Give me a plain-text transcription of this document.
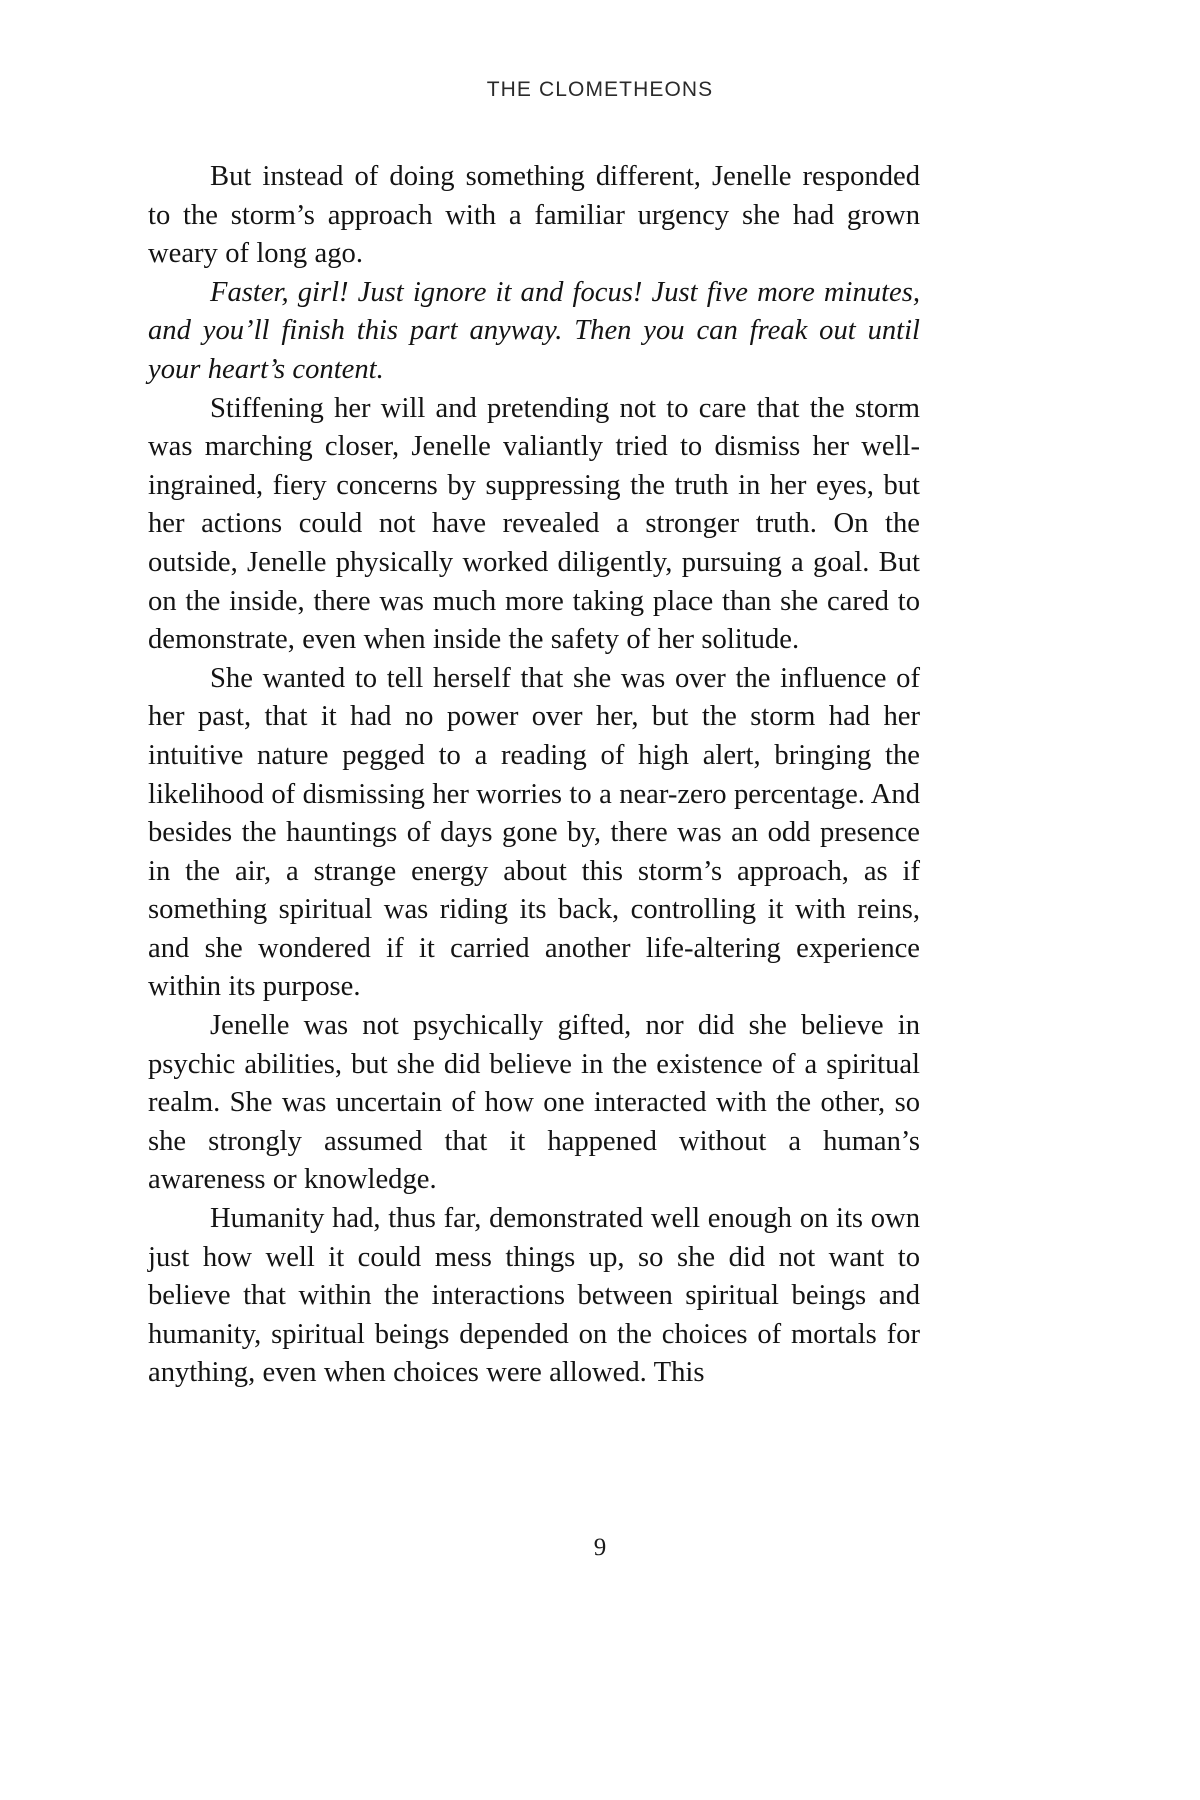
THE CLOMETHEONS

But instead of doing something different, Jenelle responded to the storm’s approach with a familiar urgency she had grown weary of long ago.

Faster, girl! Just ignore it and focus! Just five more minutes, and you’ll finish this part anyway. Then you can freak out until your heart’s content.

Stiffening her will and pretending not to care that the storm was marching closer, Jenelle valiantly tried to dismiss her well-ingrained, fiery concerns by suppressing the truth in her eyes, but her actions could not have revealed a stronger truth. On the outside, Jenelle physically worked diligently, pursuing a goal. But on the inside, there was much more taking place than she cared to demonstrate, even when inside the safety of her solitude.

She wanted to tell herself that she was over the influence of her past, that it had no power over her, but the storm had her intuitive nature pegged to a reading of high alert, bringing the likelihood of dismissing her worries to a near-zero percentage. And besides the hauntings of days gone by, there was an odd presence in the air, a strange energy about this storm’s approach, as if something spiritual was riding its back, controlling it with reins, and she wondered if it carried another life-altering experience within its purpose.

Jenelle was not psychically gifted, nor did she believe in psychic abilities, but she did believe in the existence of a spiritual realm. She was uncertain of how one interacted with the other, so she strongly assumed that it happened without a human’s awareness or knowledge.

Humanity had, thus far, demonstrated well enough on its own just how well it could mess things up, so she did not want to believe that within the interactions between spiritual beings and humanity, spiritual beings depended on the choices of mortals for anything, even when choices were allowed. This

9
